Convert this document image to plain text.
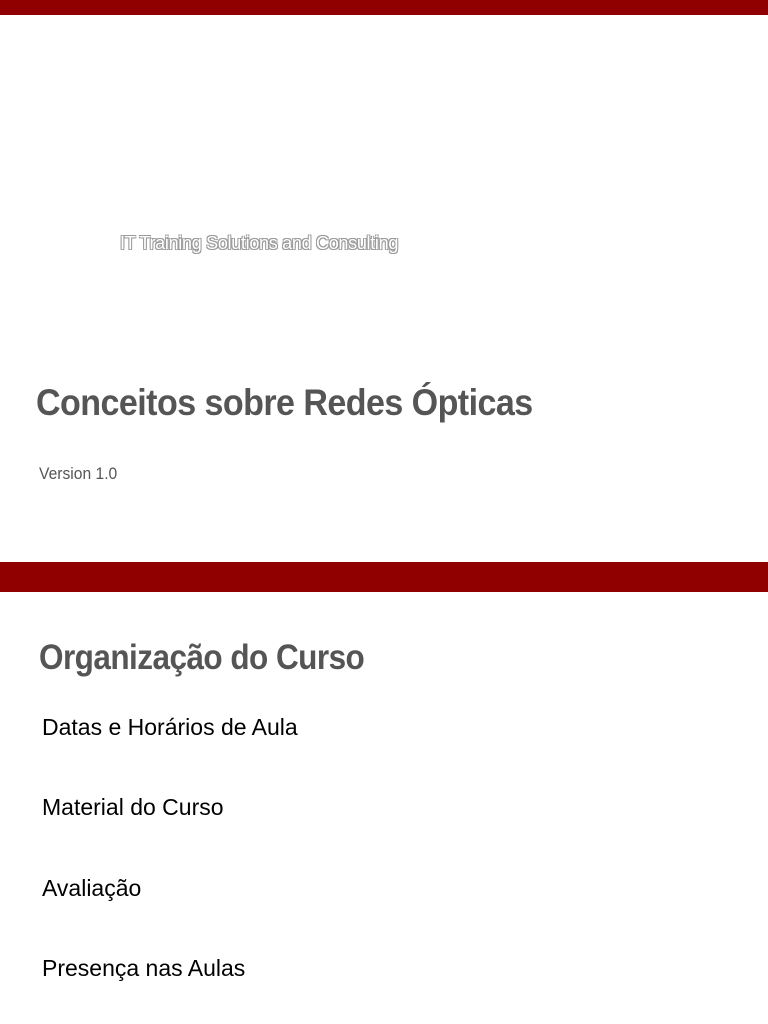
IT Training Solutions and Consulting
Conceitos sobre Redes Ópticas
Version 1.0
Organização do Curso
Datas e Horários de Aula
Material do Curso
Avaliação
Presença nas Aulas
